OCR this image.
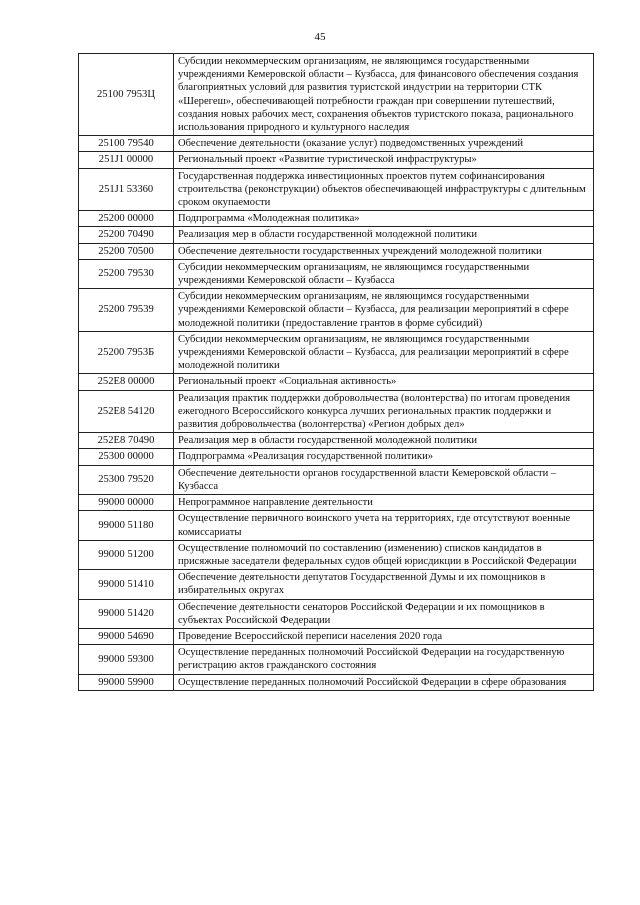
45
25100 7953Ц	Субсидии некоммерческим организациям, не являющимся государственными учреждениями Кемеровской области – Кузбасса, для финансового обеспечения создания благоприятных условий для развития туристской индустрии на территории СТК «Шерегеш», обеспечивающей потребности граждан при совершении путешествий, создания новых рабочих мест, сохранения объектов туристского показа, рационального использования природного и культурного наследия
25100 79540	Обеспечение деятельности (оказание услуг) подведомственных учреждений
251J1 00000	Региональный проект «Развитие туристической инфраструктуры»
251J1 53360	Государственная поддержка инвестиционных проектов путем софинансирования строительства (реконструкции) объектов обеспечивающей инфраструктуры с длительным сроком окупаемости
25200 00000	Подпрограмма «Молодежная политика»
25200 70490	Реализация мер в области государственной молодежной политики
25200 70500	Обеспечение деятельности государственных учреждений молодежной политики
25200 79530	Субсидии некоммерческим организациям, не являющимся государственными учреждениями Кемеровской области – Кузбасса
25200 79539	Субсидии некоммерческим организациям, не являющимся государственными учреждениями Кемеровской области – Кузбасса, для реализации мероприятий в сфере молодежной политики (предоставление грантов в форме субсидий)
25200 7953Б	Субсидии некоммерческим организациям, не являющимся государственными учреждениями Кемеровской области – Кузбасса, для реализации мероприятий в сфере молодежной политики
252E8 00000	Региональный проект «Социальная активность»
252E8 54120	Реализация практик поддержки добровольчества (волонтерства) по итогам проведения ежегодного Всероссийского конкурса лучших региональных практик поддержки и развития добровольчества (волонтерства) «Регион добрых дел»
252E8 70490	Реализация мер в области государственной молодежной политики
25300 00000	Подпрограмма «Реализация государственной политики»
25300 79520	Обеспечение деятельности органов государственной власти Кемеровской области – Кузбасса
99000 00000	Непрограммное направление деятельности
99000 51180	Осуществление первичного воинского учета на территориях, где отсутствуют военные комиссариаты
99000 51200	Осуществление полномочий по составлению (изменению) списков кандидатов в присяжные заседатели федеральных судов общей юрисдикции в Российской Федерации
99000 51410	Обеспечение деятельности депутатов Государственной Думы и их помощников в избирательных округах
99000 51420	Обеспечение деятельности сенаторов Российской Федерации и их помощников в субъектах Российской Федерации
99000 54690	Проведение Всероссийской переписи населения 2020 года
99000 59300	Осуществление переданных полномочий Российской Федерации на государственную регистрацию актов гражданского состояния
99000 59900	Осуществление переданных полномочий Российской Федерации в сфере образования
